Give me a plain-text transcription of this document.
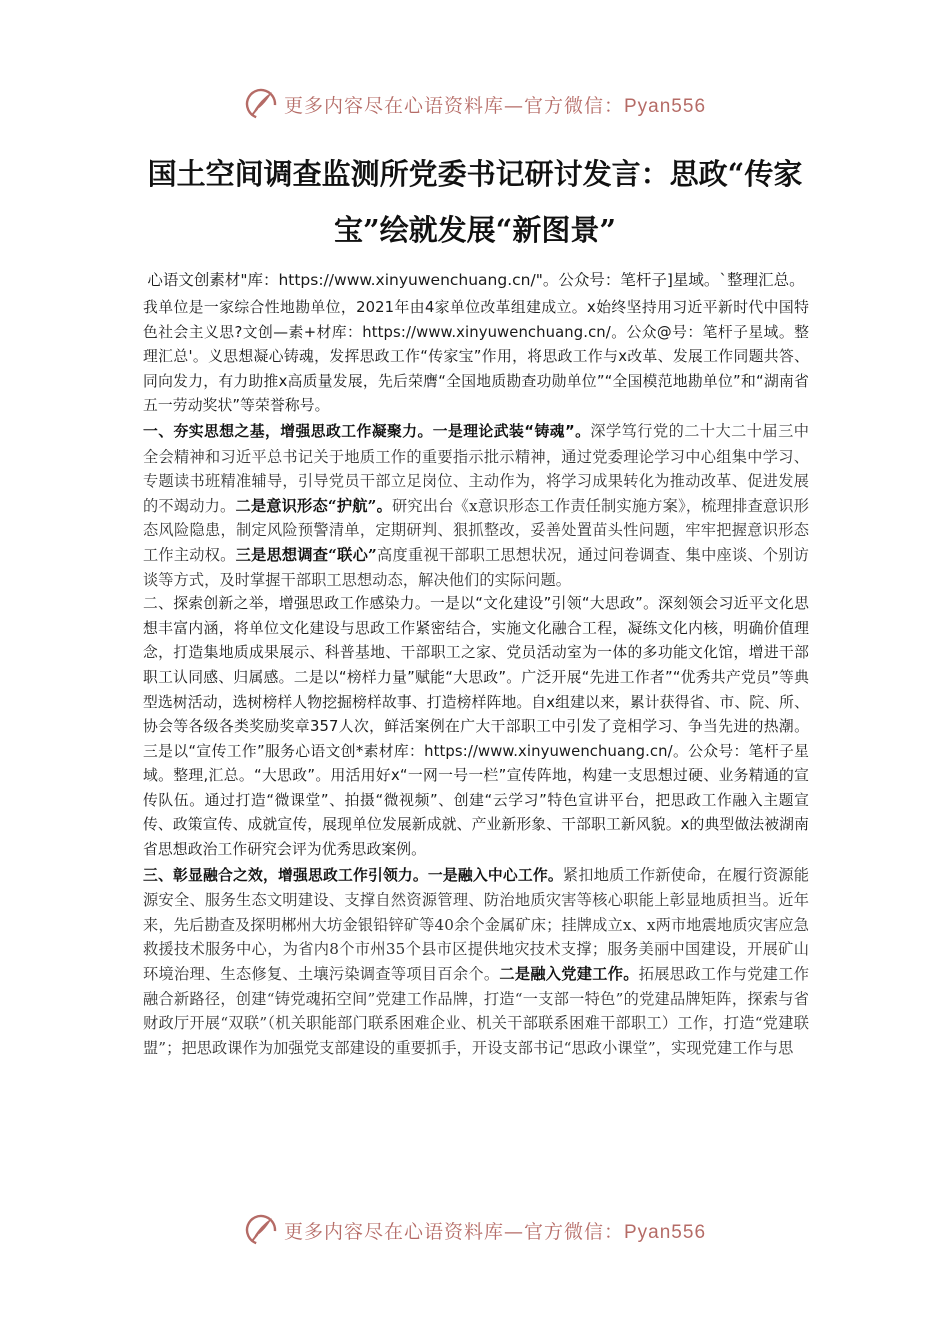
更多内容尽在心语资料库—官方微信：Pyan556
国土空间调查监测所党委书记研讨发言：思政“传家宝”绘就发展“新图景”

心语文创素材"库：https://www.xinyuwenchuang.cn/"。公众号：笔杆子]星域。`整理汇总。

我单位是一家综合性地勘单位，2021年由4家单位改革组建成立。x始终坚持用习近平新时代中国特色社会主义思?文创—素+材库：https://www.xinyuwenchuang.cn/。公众@号：笔杆子星域。整理汇总'。义思想凝心铸魂，发挥思政工作“传家宝”作用，将思政工作与x改革、发展工作同题共答、同向发力，有力助推x高质量发展，先后荣膺“全国地质勘查功勋单位”“全国模范地勘单位”和“湖南省五一劳动奖状”等荣誉称号。

一、夯实思想之基，增强思政工作凝聚力。一是理论武装“铸魂”。深学笃行党的二十大二十届三中全会精神和习近平总书记关于地质工作的重要指示批示精神，通过党委理论学习中心组集中学习、专题读书班精准辅导，引导党员干部立足岗位、主动作为，将学习成果转化为推动改革、促进发展的不竭动力。二是意识形态“护航”。研究出台《x意识形态工作责任制实施方案》，梳理排查意识形态风险隐患，制定风险预警清单，定期研判、狠抓整改，妥善处置苗头性问题，牢牢把握意识形态工作主动权。三是思想调查“联心”高度重视干部职工思想状况，通过问卷调查、集中座谈、个别访谈等方式，及时掌握干部职工思想动态，解决他们的实际问题。

二、探索创新之举，增强思政工作感染力。一是以“文化建设”引领“大思政”。深刻领会习近平文化思想丰富内涵，将单位文化建设与思政工作紧密结合，实施文化融合工程，凝练文化内核，明确价值理念，打造集地质成果展示、科普基地、干部职工之家、党员活动室为一体的多功能文化馆，增进干部职工认同感、归属感。二是以“榜样力量”赋能“大思政”。广泛开展“先进工作者”“优秀共产党员”等典型选树活动，选树榜样人物挖掘榜样故事、打造榜样阵地。自x组建以来，累计获得省、市、院、所、协会等各级各类奖励奖章357人次，鲜活案例在广大干部职工中引发了竞相学习、争当先进的热潮。三是以“宣传工作”服务心语文创*素材库：https://www.xinyuwenchuang.cn/。公众号：笔杆子星域。整理,汇总。“大思政”。用活用好x“一网一号一栏”宣传阵地，构建一支思想过硬、业务精通的宣传队伍。通过打造“微课堂”、拍摄“微视频”、创建“云学习”特色宣讲平台，把思政工作融入主题宣传、政策宣传、成就宣传，展现单位发展新成就、产业新形象、干部职工新风貌。x的典型做法被湖南省思想政治工作研究会评为优秀思政案例。

三、彰显融合之效，增强思政工作引领力。一是融入中心工作。紧扣地质工作新使命，在履行资源能源安全、服务生态文明建设、支撑自然资源管理、防治地质灾害等核心职能上彰显地质担当。近年来，先后勘查及探明郴州大坊金银铅锌矿等40余个金属矿床；挂牌成立x、x两市地震地质灾害应急救援技术服务中心，为省内8个市州35个县市区提供地灾技术支撑；服务美丽中国建设，开展矿山环境治理、生态修复、土壤污染调查等项目百余个。二是融入党建工作。拓展思政工作与党建工作融合新路径，创建“铸党魂拓空间”党建工作品牌，打造“一支部一特色”的党建品牌矩阵，探索与省财政厅开展“双联”（机关职能部门联系困难企业、机关干部联系困难干部职工）工作，打造“党建联盟”；把思政课作为加强党支部建设的重要抓手，开设支部书记“思政小课堂”，实现党建工作与思

更多内容尽在心语资料库—官方微信：Pyan556
